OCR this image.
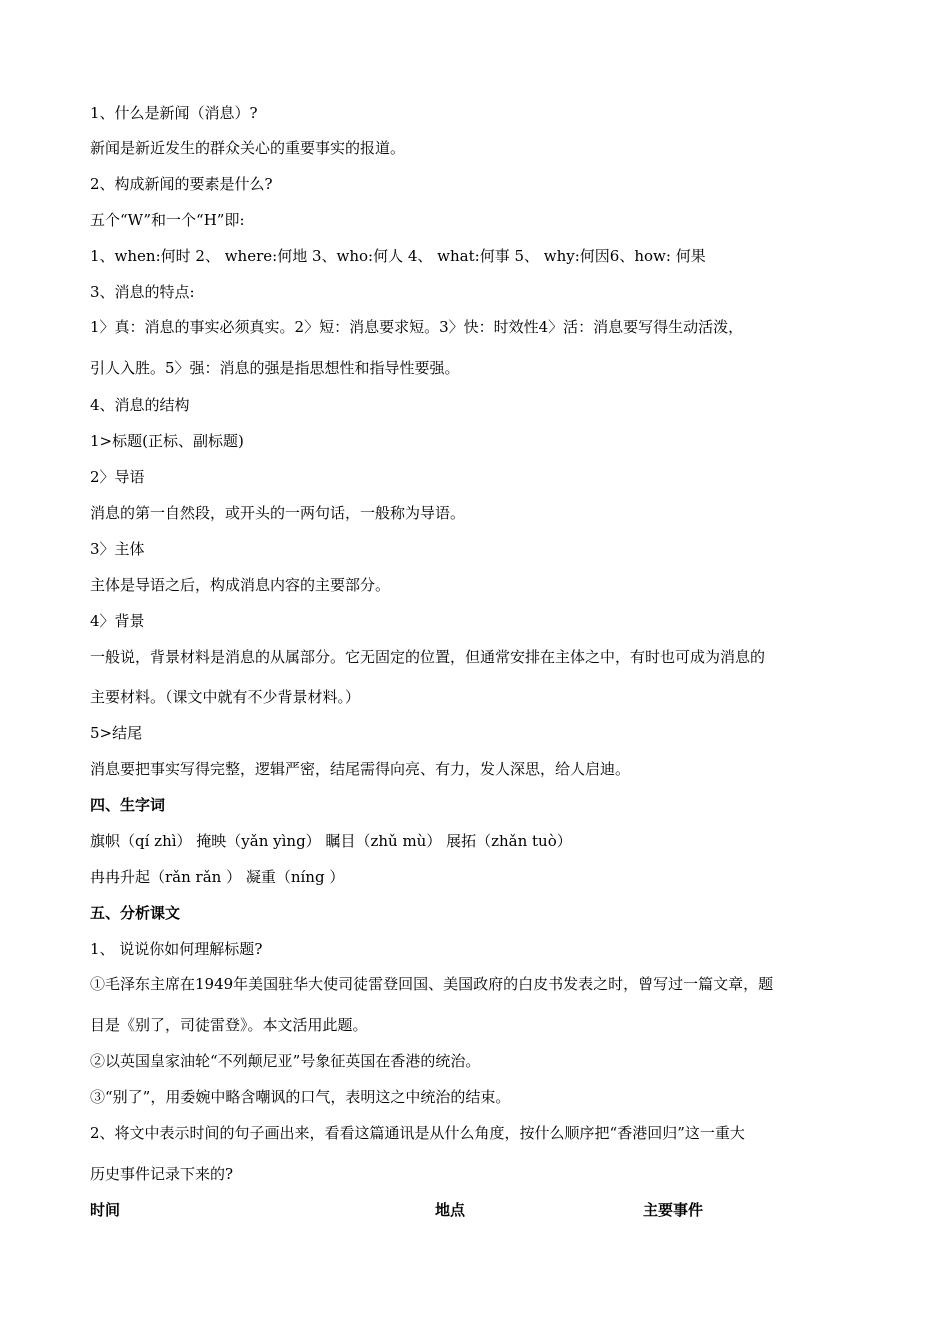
1、什么是新闻（消息）?
新闻是新近发生的群众关心的重要事实的报道。
2、构成新闻的要素是什么?
五个“W”和一个“H”即:
1、when:何时 2、 where:何地 3、who:何人 4、 what:何事 5、 why:何因6、how: 何果
3、消息的特点:
1〉真：消息的事实必须真实。2〉短：消息要求短。3〉快：时效性4〉活：消息要写得生动活泼，
引人入胜。5〉强：消息的强是指思想性和指导性要强。
4、消息的结构
1>标题(正标、副标题)
2〉导语
消息的第一自然段，或开头的一两句话，一般称为导语。
3〉主体
主体是导语之后，构成消息内容的主要部分。
4〉背景
一般说，背景材料是消息的从属部分。它无固定的位置，但通常安排在主体之中，有时也可成为消息的
主要材料。（课文中就有不少背景材料。）
5>结尾
消息要把事实写得完整，逻辑严密，结尾需得向亮、有力，发人深思，给人启迪。
四、生字词
旗帜（qí zhì） 掩映（yǎn yìng） 瞩目（zhǔ mù） 展拓（zhǎn tuò）
冉冉升起（rǎn rǎn ） 凝重（níng ）
五、分析课文
1、 说说你如何理解标题?
①毛泽东主席在1949年美国驻华大使司徒雷登回国、美国政府的白皮书发表之时，曾写过一篇文章，题
目是《别了，司徒雷登》。本文活用此题。
②以英国皇家油轮“不列颠尼亚”号象征英国在香港的统治。
③“别了”，用委婉中略含嘲讽的口气，表明这之中统治的结束。
2、将文中表示时间的句子画出来，看看这篇通讯是从什么角度，按什么顺序把“香港回归”这一重大
历史事件记录下来的?
时间	地点	主要事件
